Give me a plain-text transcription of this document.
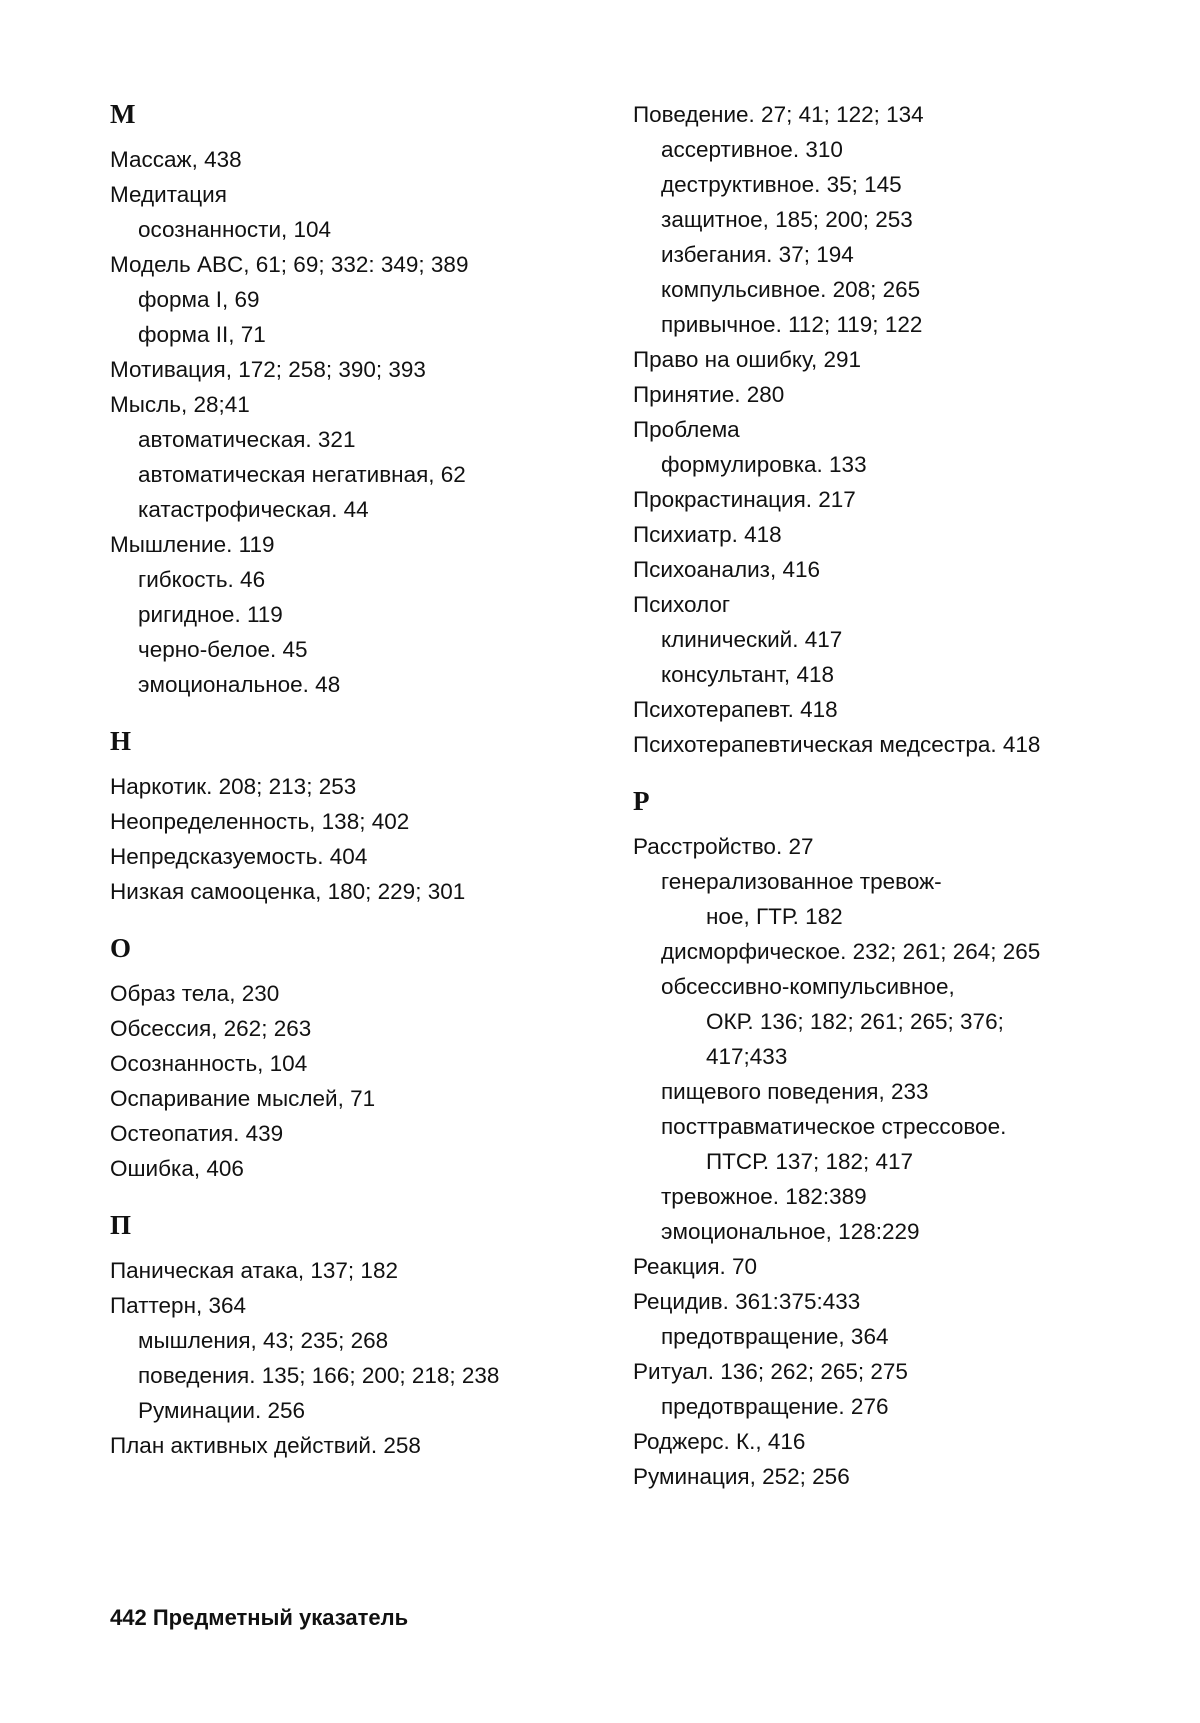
М
Массаж, 438
Медитация
осознанности, 104
Модель ABC, 61; 69; 332: 349; 389
форма I, 69
форма II, 71
Мотивация, 172; 258; 390; 393
Мысль, 28;41
автоматическая. 321
автоматическая негативная, 62
катастрофическая. 44
Мышление. 119
гибкость. 46
ригидное. 119
черно-белое. 45
эмоциональное. 48
Н
Наркотик. 208; 213; 253
Неопределенность, 138; 402
Непредсказуемость. 404
Низкая самооценка, 180; 229; 301
О
Образ тела, 230
Обсессия, 262; 263
Осознанность, 104
Оспаривание мыслей, 71
Остеопатия. 439
Ошибка, 406
П
Паническая атака, 137; 182
Паттерн, 364
мышления, 43; 235; 268
поведения. 135; 166; 200; 218; 238
Руминации. 256
План активных действий. 258
Поведение. 27; 41; 122; 134
ассертивное. 310
деструктивное. 35; 145
защитное, 185; 200; 253
избегания. 37; 194
компульсивное. 208; 265
привычное. 112; 119; 122
Право на ошибку, 291
Принятие. 280
Проблема
формулировка. 133
Прокрастинация. 217
Психиатр. 418
Психоанализ, 416
Психолог
клинический. 417
консультант, 418
Психотерапевт. 418
Психотерапевтическая медсестра. 418
Р
Расстройство. 27
генерализованное тревож-
ное, ГТР. 182
дисморфическое. 232; 261; 264; 265
обсессивно-компульсивное,
ОКР. 136; 182; 261; 265; 376;
417;433
пищевого поведения, 233
посттравматическое стрессовое.
ПТСР. 137; 182; 417
тревожное. 182:389
эмоциональное, 128:229
Реакция. 70
Рецидив. 361:375:433
предотвращение, 364
Ритуал. 136; 262; 265; 275
предотвращение. 276
Роджерс. К., 416
Руминация, 252; 256
442 Предметный указатель
